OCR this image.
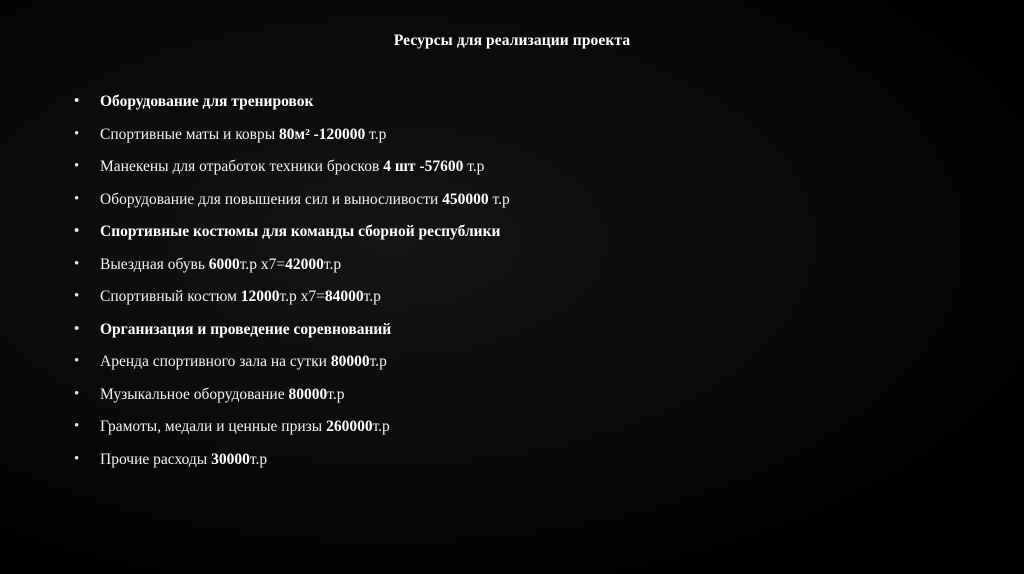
Ресурсы для реализации проекта
• Оборудование для тренировок
• Спортивные маты и ковры 80м² -120000 т.р
• Манекены для отработок техники бросков 4 шт -57600 т.р
• Оборудование для повышения сил и выносливости 450000 т.р
• Спортивные костюмы для команды сборной республики
• Выездная обувь 6000т.р х7=42000т.р
• Спортивный костюм 12000т.р х7=84000т.р
• Организация и проведение соревнований
• Аренда спортивного зала на сутки 80000т.р
• Музыкальное оборудование 80000т.р
• Грамоты, медали и ценные призы 260000т.р
• Прочие расходы 30000т.р
